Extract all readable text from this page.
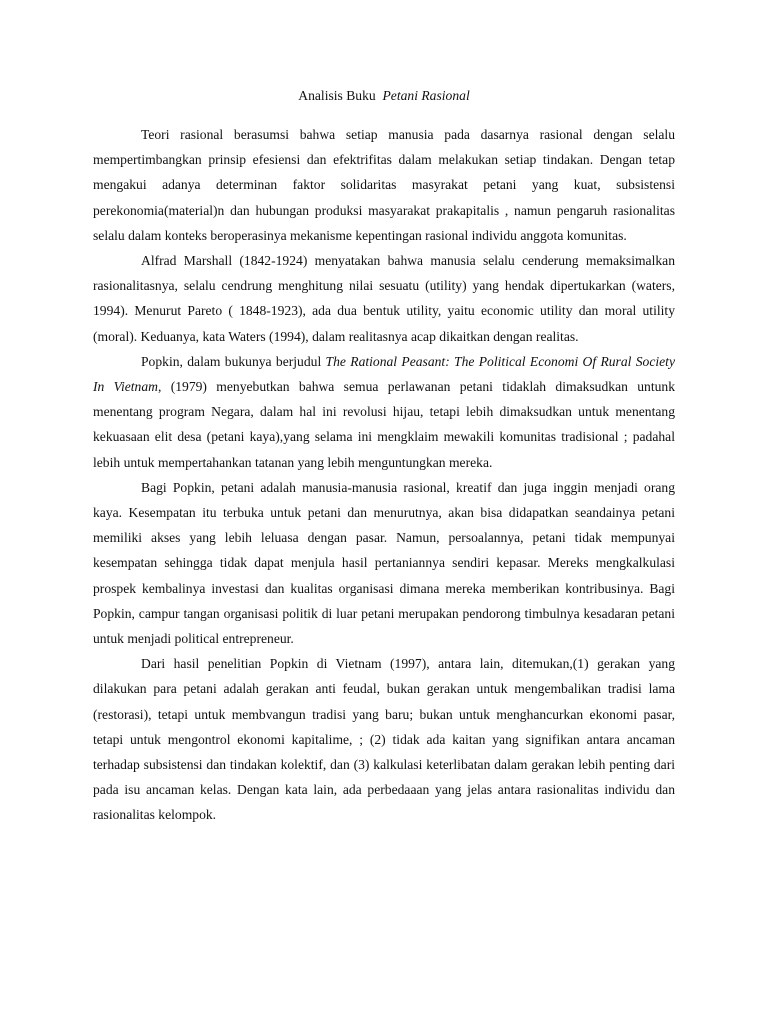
Analisis Buku Petani Rasional

Teori rasional berasumsi bahwa setiap manusia pada dasarnya rasional dengan selalu mempertimbangkan prinsip efesiensi dan efektrifitas dalam melakukan setiap tindakan. Dengan tetap mengakui adanya determinan faktor solidaritas masyrakat petani yang kuat, subsistensi perekonomia(material)n dan hubungan produksi masyarakat prakapitalis , namun pengaruh rasionalitas selalu dalam konteks beroperasinya mekanisme kepentingan rasional individu anggota komunitas.

Alfrad Marshall (1842-1924) menyatakan bahwa manusia selalu cenderung memaksimalkan rasionalitasnya, selalu cendrung menghitung nilai sesuatu (utility) yang hendak dipertukarkan (waters, 1994). Menurut Pareto ( 1848-1923), ada dua bentuk utility, yaitu economic utility dan moral utility (moral). Keduanya, kata Waters (1994), dalam realitasnya acap dikaitkan dengan realitas.

Popkin, dalam bukunya berjudul The Rational Peasant: The Political Economi Of Rural Society In Vietnam, (1979) menyebutkan bahwa semua perlawanan petani tidaklah dimaksudkan untunk menentang program Negara, dalam hal ini revolusi hijau, tetapi lebih dimaksudkan untuk menentang kekuasaan elit desa (petani kaya),yang selama ini mengklaim mewakili komunitas tradisional ; padahal lebih untuk mempertahankan tatanan yang lebih menguntungkan mereka.

Bagi Popkin, petani adalah manusia-manusia rasional, kreatif dan juga inggin menjadi orang kaya. Kesempatan itu terbuka untuk petani dan menurutnya, akan bisa didapatkan seandainya petani memiliki akses yang lebih leluasa dengan pasar. Namun, persoalannya, petani tidak mempunyai kesempatan sehingga tidak dapat menjula hasil pertaniannya sendiri kepasar. Mereks mengkalkulasi prospek kembalinya investasi dan kualitas organisasi dimana mereka memberikan kontribusinya. Bagi Popkin, campur tangan organisasi politik di luar petani merupakan pendorong timbulnya kesadaran petani untuk menjadi political entrepreneur.

Dari hasil penelitian Popkin di Vietnam (1997), antara lain, ditemukan,(1) gerakan yang dilakukan para petani adalah gerakan anti feudal, bukan gerakan untuk mengembalikan tradisi lama (restorasi), tetapi untuk membvangun tradisi yang baru; bukan untuk menghancurkan ekonomi pasar, tetapi untuk mengontrol ekonomi kapitalime, ; (2) tidak ada kaitan yang signifikan antara ancaman terhadap subsistensi dan tindakan kolektif, dan (3) kalkulasi keterlibatan dalam gerakan lebih penting dari pada isu ancaman kelas. Dengan kata lain, ada perbedaaan yang jelas antara rasionalitas individu dan rasionalitas kelompok.
